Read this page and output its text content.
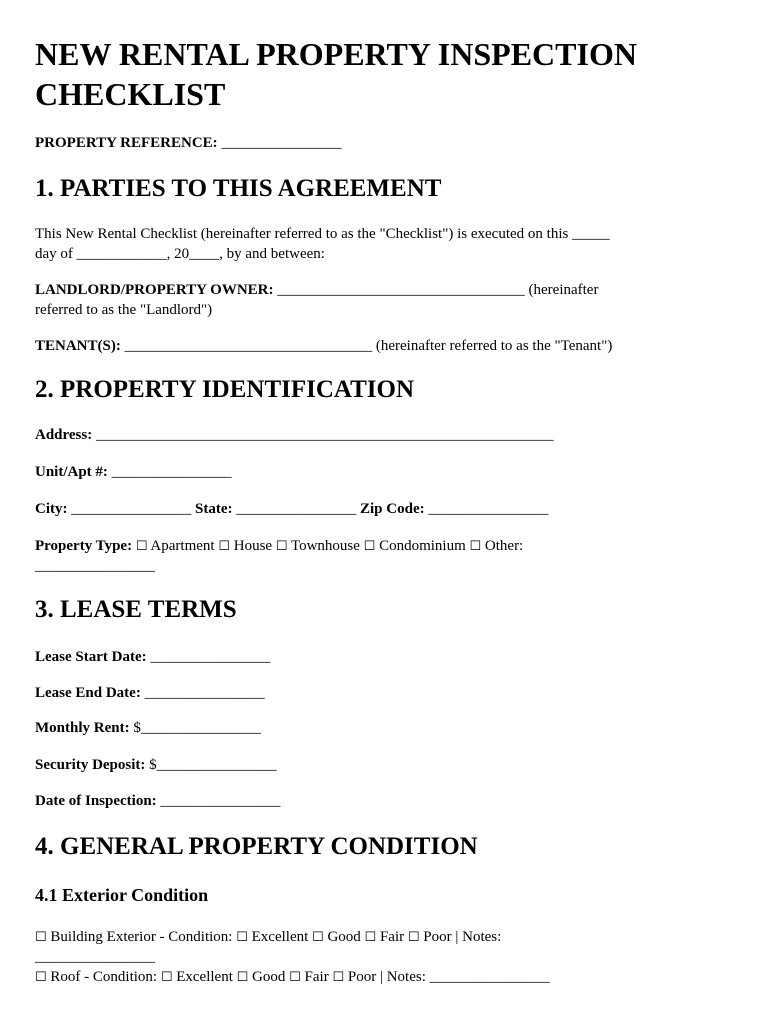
NEW RENTAL PROPERTY INSPECTION
CHECKLIST
PROPERTY REFERENCE: ________________
1. PARTIES TO THIS AGREEMENT
This New Rental Checklist (hereinafter referred to as the "Checklist") is executed on this _____
day of ____________, 20____, by and between:
LANDLORD/PROPERTY OWNER: _________________________________ (hereinafter
referred to as the "Landlord")
TENANT(S): _________________________________ (hereinafter referred to as the "Tenant")
2. PROPERTY IDENTIFICATION
Address: _____________________________________________________________
Unit/Apt #: ________________
City: ________________ State: ________________ Zip Code: ________________
Property Type: ☐ Apartment ☐ House ☐ Townhouse ☐ Condominium ☐ Other:
________________
3. LEASE TERMS
Lease Start Date: ________________
Lease End Date: ________________
Monthly Rent: $________________
Security Deposit: $________________
Date of Inspection: ________________
4. GENERAL PROPERTY CONDITION
4.1 Exterior Condition
☐ Building Exterior - Condition: ☐ Excellent ☐ Good ☐ Fair ☐ Poor | Notes:
________________
☐ Roof - Condition: ☐ Excellent ☐ Good ☐ Fair ☐ Poor | Notes: ________________
